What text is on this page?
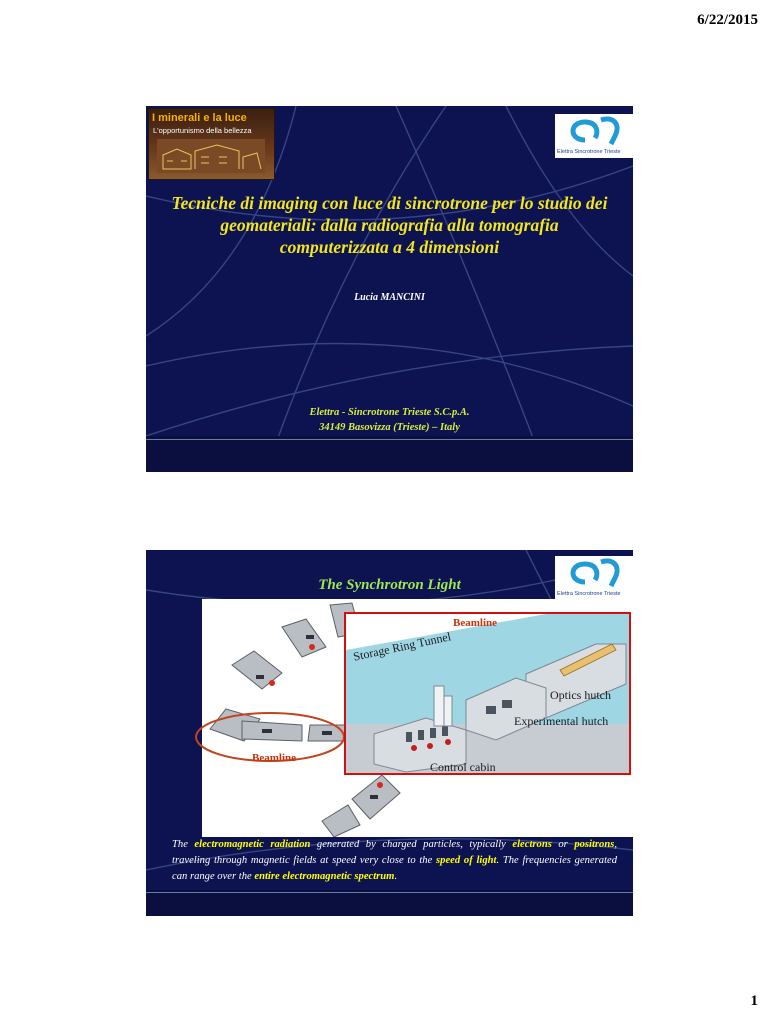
6/22/2015
I minerali e la luce
L'opportunismo della bellezza
Elettra Sincrotrone Trieste
Tecniche di imaging con luce di sincrotrone per lo studio dei geomateriali: dalla radiografia alla tomografia computerizzata a 4 dimensioni
Lucia MANCINI
Elettra - Sincrotrone Trieste S.C.p.A.
34149 Basovizza (Trieste) – Italy
Elettra Sincrotrone Trieste
The Synchrotron Light
Beamline
Beamline
Storage Ring Tunnel
Optics hutch
Experimental hutch
Control cabin
The electromagnetic radiation generated by charged particles, typically electrons or positrons, traveling through magnetic fields at speed very close to the speed of light. The frequencies generated can range over the entire electromagnetic spectrum.
1
